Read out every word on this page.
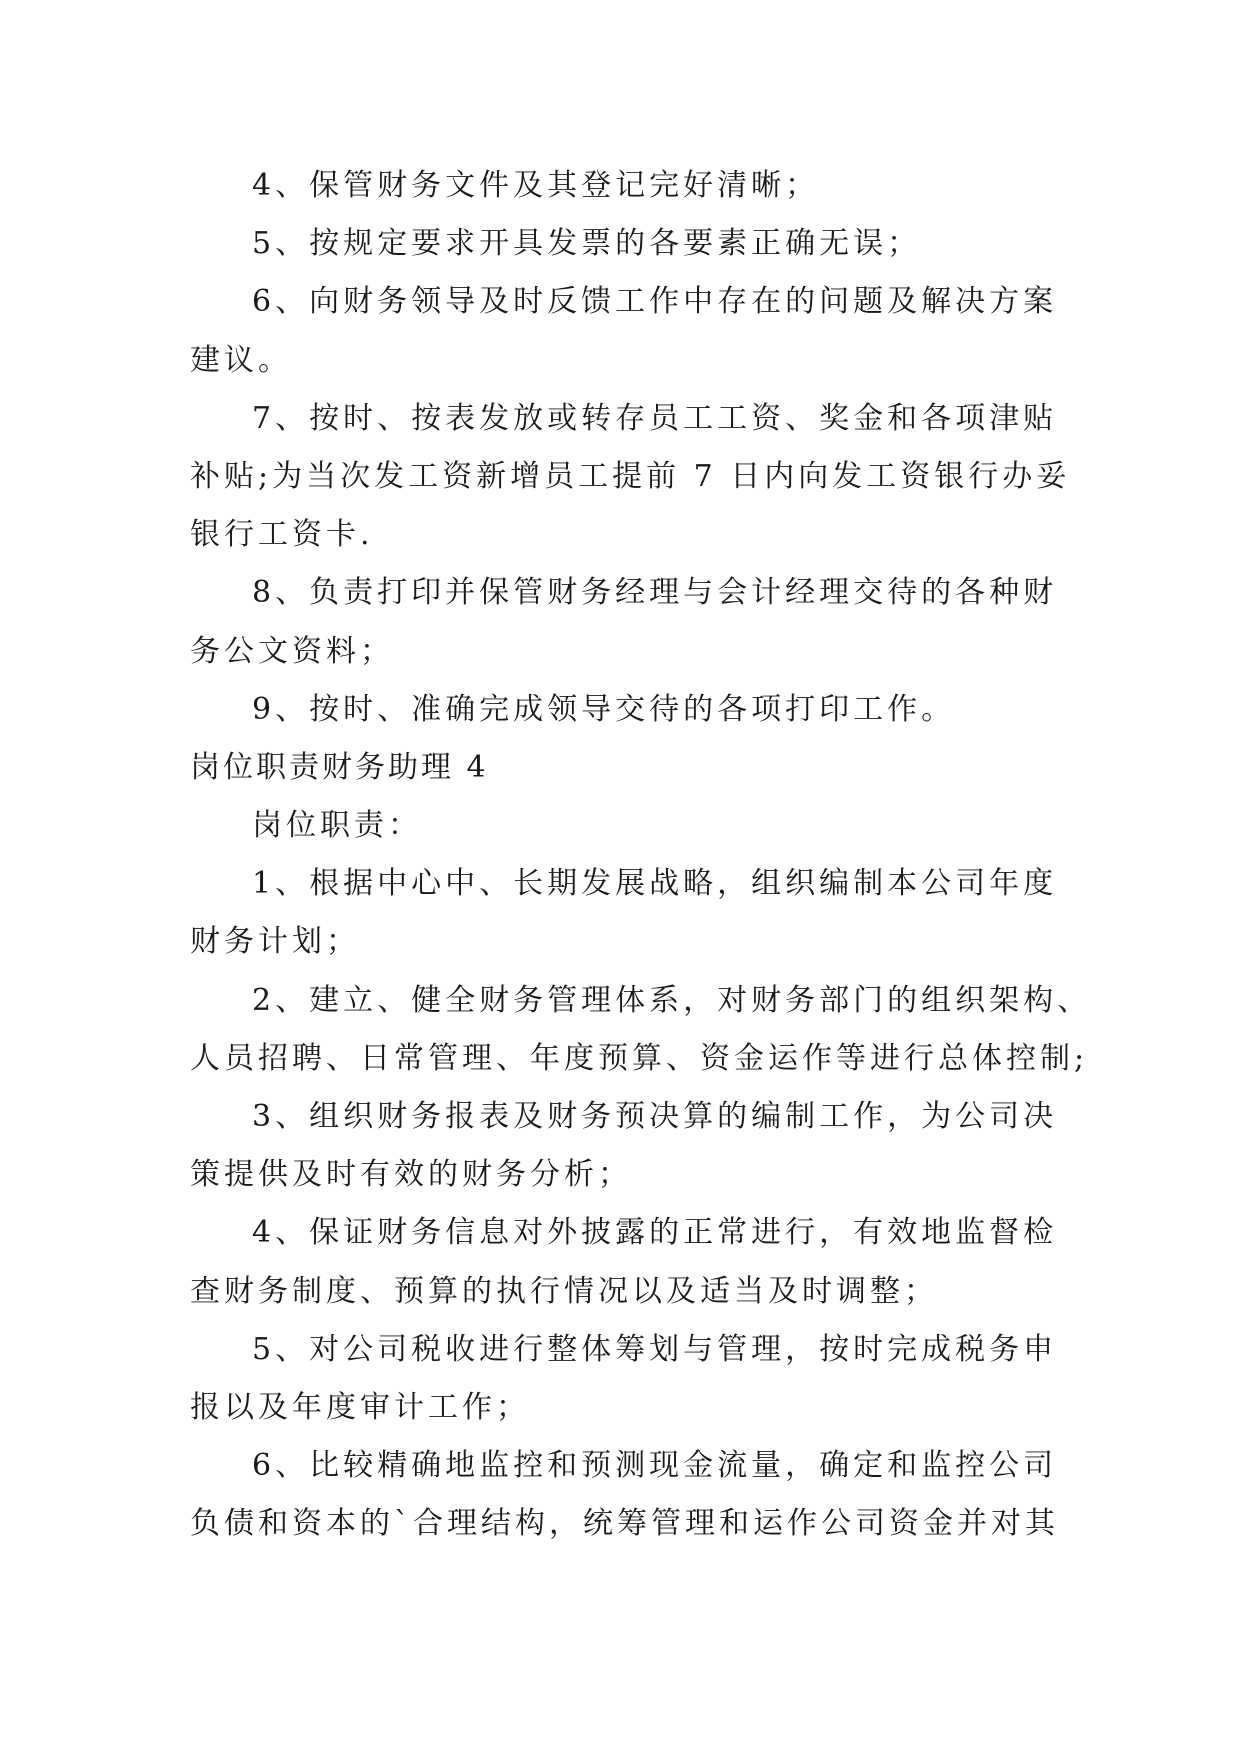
4、保管财务文件及其登记完好清晰；
5、按规定要求开具发票的各要素正确无误；
6、向财务领导及时反馈工作中存在的问题及解决方案
建议。
7、按时、按表发放或转存员工工资、奖金和各项津贴
补贴;为当次发工资新增员工提前 7 日内向发工资银行办妥
银行工资卡.
8、负责打印并保管财务经理与会计经理交待的各种财
务公文资料；
9、按时、准确完成领导交待的各项打印工作。
岗位职责财务助理 4
岗位职责：
1、根据中心中、长期发展战略，组织编制本公司年度
财务计划；
2、建立、健全财务管理体系，对财务部门的组织架构、
人员招聘、日常管理、年度预算、资金运作等进行总体控制;
3、组织财务报表及财务预决算的编制工作，为公司决
策提供及时有效的财务分析；
4、保证财务信息对外披露的正常进行，有效地监督检
查财务制度、预算的执行情况以及适当及时调整；
5、对公司税收进行整体筹划与管理，按时完成税务申
报以及年度审计工作；
6、比较精确地监控和预测现金流量，确定和监控公司
负债和资本的`合理结构，统筹管理和运作公司资金并对其
